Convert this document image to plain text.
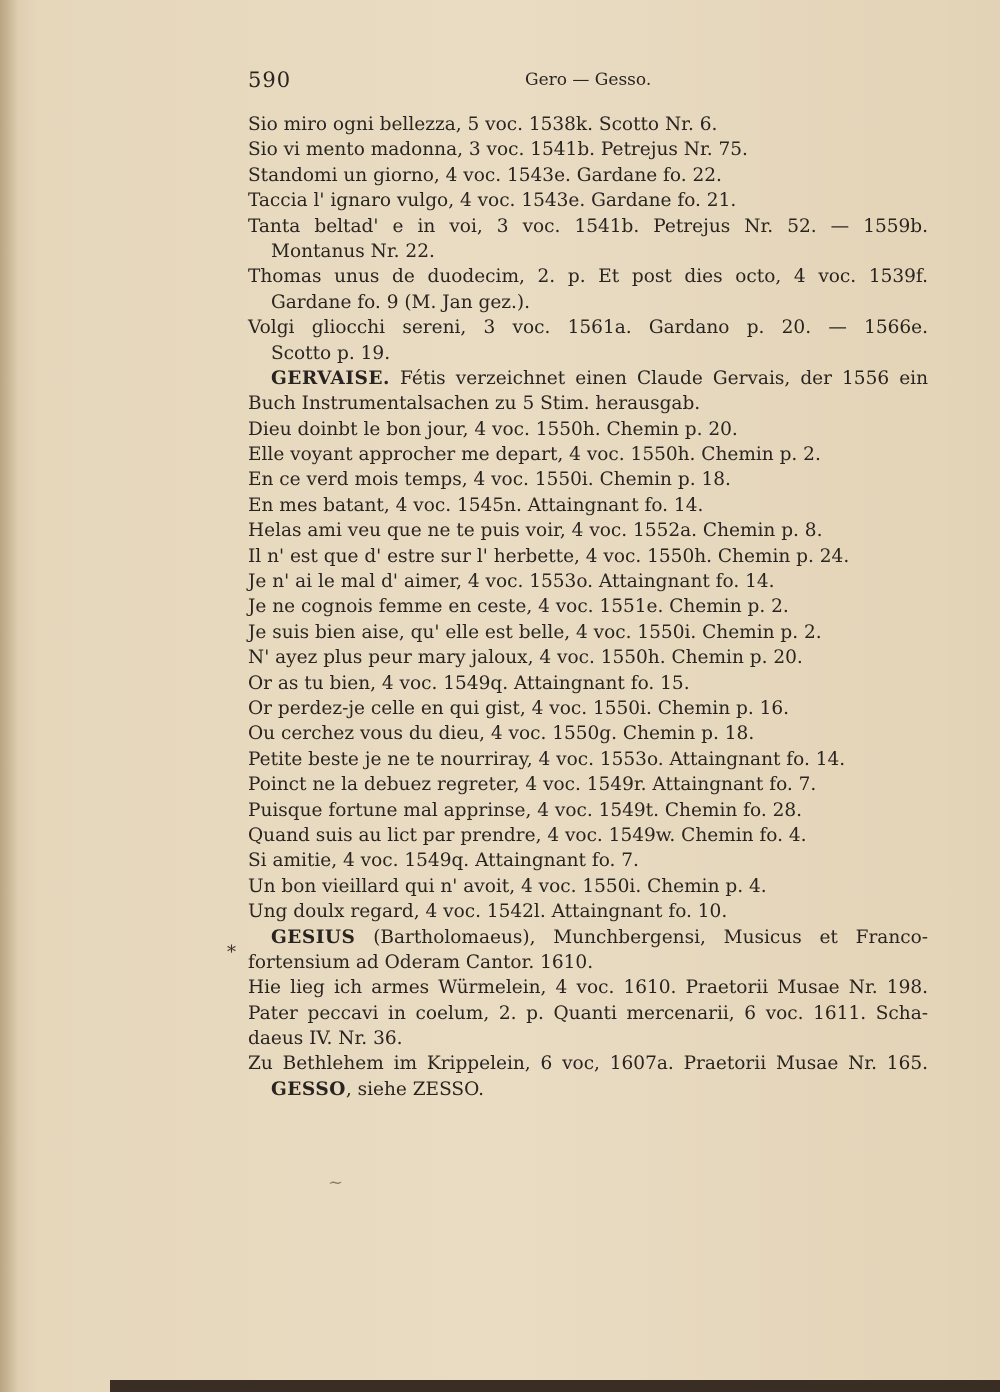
590	Gero — Gesso.
Sio miro ogni bellezza, 5 voc. 1538k. Scotto Nr. 6.
Sio vi mento madonna, 3 voc. 1541b. Petrejus Nr. 75.
Standomi un giorno, 4 voc. 1543e. Gardane fo. 22.
Taccia l' ignaro vulgo, 4 voc. 1543e. Gardane fo. 21.
Tanta beltad' e in voi, 3 voc. 1541b. Petrejus Nr. 52. — 1559b.
Montanus Nr. 22.
Thomas unus de duodecim, 2. p. Et post dies octo, 4 voc. 1539f.
Gardane fo. 9 (M. Jan gez.).
Volgi gliocchi sereni, 3 voc. 1561a. Gardano p. 20. — 1566e.
Scotto p. 19.
GERVAISE. Fétis verzeichnet einen Claude Gervais, der 1556 ein
Buch Instrumentalsachen zu 5 Stim. herausgab.
Dieu doinbt le bon jour, 4 voc. 1550h. Chemin p. 20.
Elle voyant approcher me depart, 4 voc. 1550h. Chemin p. 2.
En ce verd mois temps, 4 voc. 1550i. Chemin p. 18.
En mes batant, 4 voc. 1545n. Attaingnant fo. 14.
Helas ami veu que ne te puis voir, 4 voc. 1552a. Chemin p. 8.
Il n' est que d' estre sur l' herbette, 4 voc. 1550h. Chemin p. 24.
Je n' ai le mal d' aimer, 4 voc. 1553o. Attaingnant fo. 14.
Je ne cognois femme en ceste, 4 voc. 1551e. Chemin p. 2.
Je suis bien aise, qu' elle est belle, 4 voc. 1550i. Chemin p. 2.
N' ayez plus peur mary jaloux, 4 voc. 1550h. Chemin p. 20.
Or as tu bien, 4 voc. 1549q. Attaingnant fo. 15.
Or perdez-je celle en qui gist, 4 voc. 1550i. Chemin p. 16.
Ou cerchez vous du dieu, 4 voc. 1550g. Chemin p. 18.
Petite beste je ne te nourriray, 4 voc. 1553o. Attaingnant fo. 14.
Poinct ne la debuez regreter, 4 voc. 1549r. Attaingnant fo. 7.
Puisque fortune mal apprinse, 4 voc. 1549t. Chemin fo. 28.
Quand suis au lict par prendre, 4 voc. 1549w. Chemin fo. 4.
Si amitie, 4 voc. 1549q. Attaingnant fo. 7.
Un bon vieillard qui n' avoit, 4 voc. 1550i. Chemin p. 4.
Ung doulx regard, 4 voc. 1542l. Attaingnant fo. 10.
GESIUS (Bartholomaeus), Munchbergensi, Musicus et Franco-
fortensium ad Oderam Cantor. 1610.
Hie lieg ich armes Würmelein, 4 voc. 1610. Praetorii Musae Nr. 198.
Pater peccavi in coelum, 2. p. Quanti mercenarii, 6 voc. 1611. Scha-
daeus IV. Nr. 36.
Zu Bethlehem im Krippelein, 6 voc, 1607a. Praetorii Musae Nr. 165.
GESSO, siehe ZESSO.
*
~
